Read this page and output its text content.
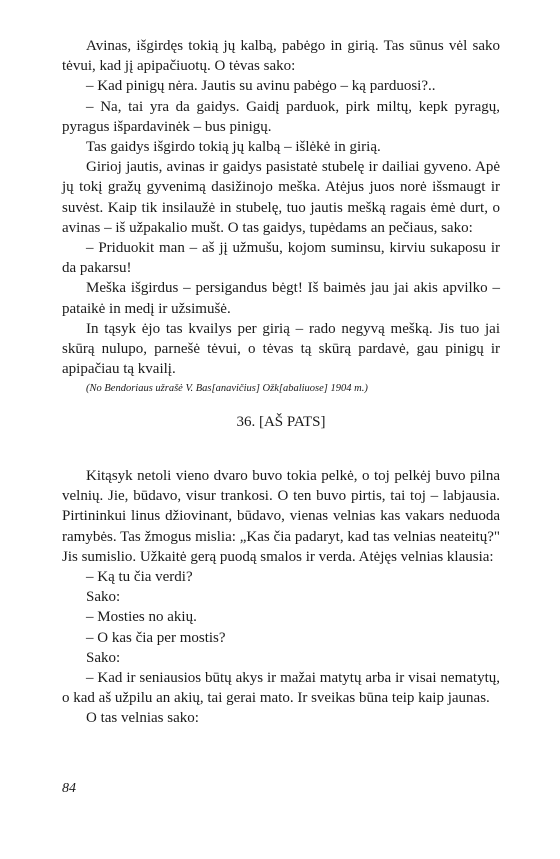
Avinas, išgirdęs tokią jų kalbą, pabėgo in girią. Tas sūnus vėl sako tėvui, kad jį apipačiuotų. O tėvas sako:

– Kad pinigų nėra. Jautis su avinu pabėgo – ką parduosi?..

– Na, tai yra da gaidys. Gaidį parduok, pirk miltų, kepk pyragų, pyragus išpardavinėk – bus pinigų.

Tas gaidys išgirdo tokią jų kalbą – išlėkė in girią.

Girioj jautis, avinas ir gaidys pasistatė stubelę ir dailiai gyveno. Apė jų tokį gražų gyvenimą dasižinojo meška. Atėjus juos norė išsmaugt ir suvėst. Kaip tik insilaužė in stubelę, tuo jautis mešką ragais ėmė durt, o avinas – iš užpakalio mušt. O tas gaidys, tupėdams an pečiaus, sako:

– Priduokit man – aš jį užmušu, kojom suminsu, kirviu sukaposu ir da pakarsu!

Meška išgirdus – persigandus bėgt! Iš baimės jau jai akis apvilko – pataikė in medį ir užsimušė.

In tąsyk ėjo tas kvailys per girią – rado negyvą mešką. Jis tuo jai skūrą nulupo, parnešė tėvui, o tėvas tą skūrą pardavė, gau pinigų ir apipačiau tą kvailį.

(No Bendoriaus užrašė V. Bas[anavičius] Ožk[abaliuose] 1904 m.)

36. [AŠ PATS]

Kitąsyk netoli vieno dvaro buvo tokia pelkė, o toj pelkėj buvo pilna velnių. Jie, būdavo, visur trankosi. O ten buvo pirtis, tai toj – labjausia. Pirtininkui linus džiovinant, būdavo, vienas velnias kas vakars neduoda ramybės. Tas žmogus mislia: „Kas čia padaryt, kad tas velnias neateitų?" Jis sumislio. Užkaitė gerą puodą smalos ir verda. Atėjęs velnias klausia:

– Ką tu čia verdi?

Sako:

– Mosties no akių.

– O kas čia per mostis?

Sako:

– Kad ir seniausios būtų akys ir mažai matytų arba ir visai nematytų, o kad aš užpilu an akių, tai gerai mato. Ir sveikas būna teip kaip jaunas.

O tas velnias sako:

84
